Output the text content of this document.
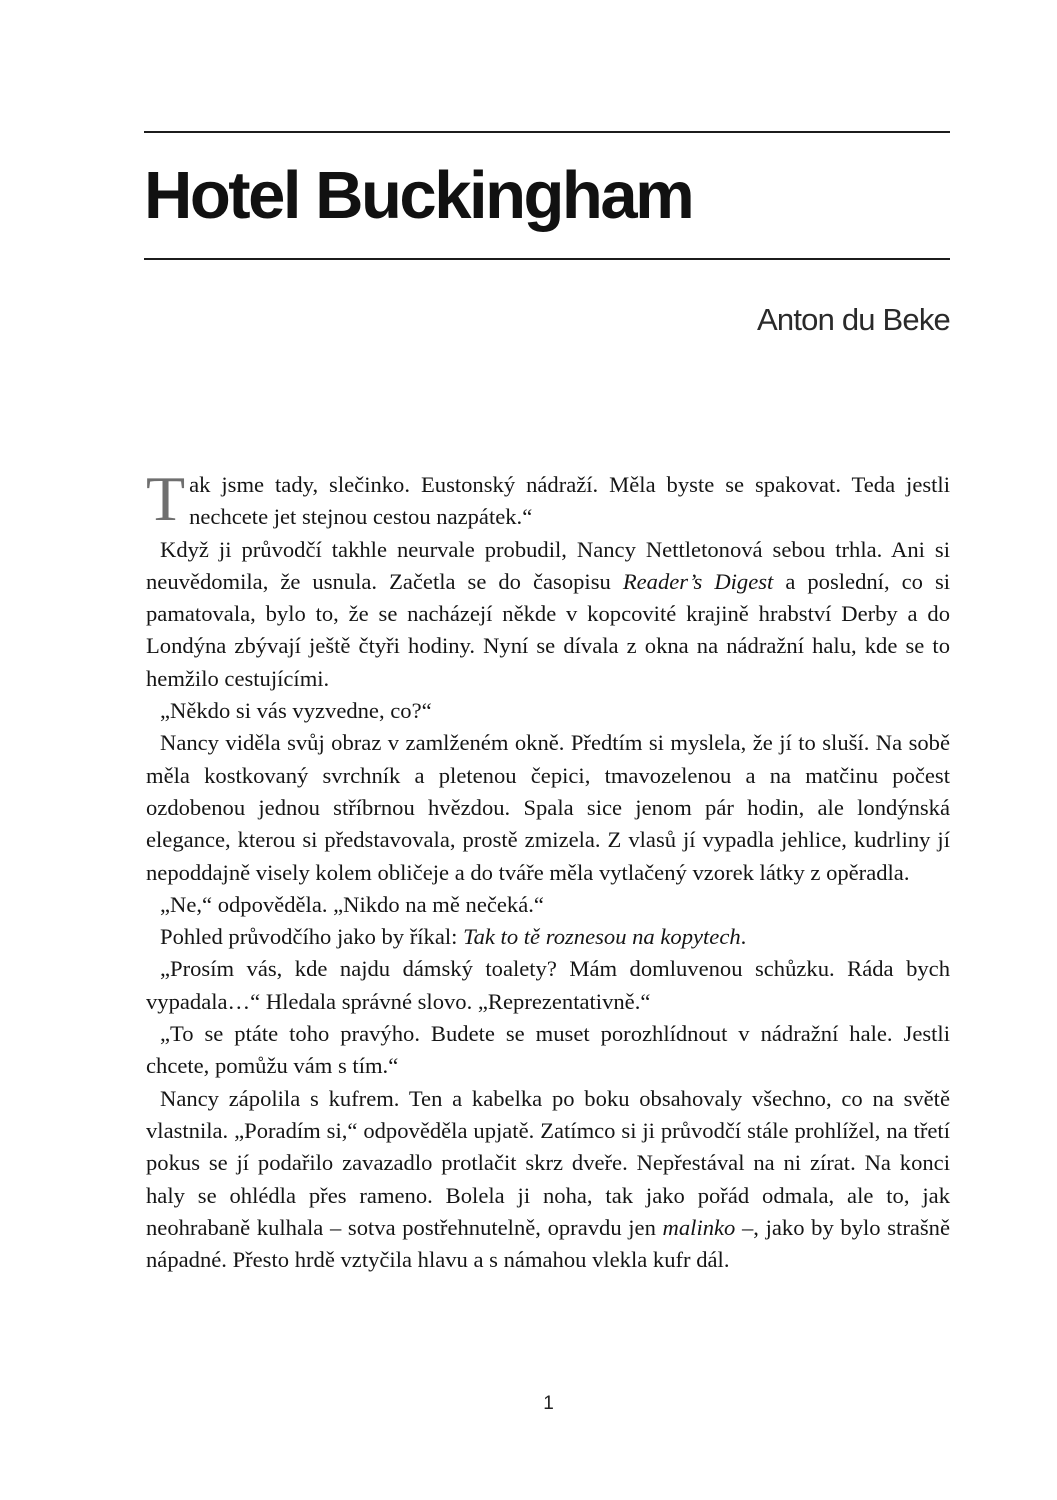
Hotel Buckingham
Anton du Beke

Tak jsme tady, slečinko. Eustonský nádraží. Měla byste se spakovat. Teda jestli nechcete jet stejnou cestou nazpátek.“

Když ji průvodčí takhle neurvale probudil, Nancy Nettletonová sebou trhla. Ani si neuvědomila, že usnula. Začetla se do časopisu Reader’s Digest a poslední, co si pamatovala, bylo to, že se nacházejí někde v kopcovité krajině hrabství Derby a do Londýna zbývají ještě čtyři hodiny. Nyní se dívala z okna na nádražní halu, kde se to hemžilo cestujícími.

„Někdo si vás vyzvedne, co?“

Nancy viděla svůj obraz v zamlženém okně. Předtím si myslela, že jí to sluší. Na sobě měla kostkovaný svrchník a pletenou čepici, tmavozelenou a na matčinu počest ozdobenou jednou stříbrnou hvězdou. Spala sice jenom pár hodin, ale londýnská elegance, kterou si představovala, prostě zmizela. Z vlasů jí vypadla jehlice, kudrliny jí nepoddajně visely kolem obličeje a do tváře měla vytlačený vzorek látky z opěradla.

„Ne,“ odpověděla. „Nikdo na mě nečeká.“

Pohled průvodčího jako by říkal: Tak to tě roznesou na kopytech.

„Prosím vás, kde najdu dámský toalety? Mám domluvenou schůzku. Ráda bych vypadala…“ Hledala správné slovo. „Reprezentativně.“

„To se ptáte toho pravýho. Budete se muset porozhlídnout v nádražní hale. Jestli chcete, pomůžu vám s tím.“

Nancy zápolila s kufrem. Ten a kabelka po boku obsahovaly všechno, co na světě vlastnila. „Poradím si,“ odpověděla upjatě. Zatímco si ji průvodčí stále prohlížel, na třetí pokus se jí podařilo zavazadlo protlačit skrz dveře. Nepřestával na ni zírat. Na konci haly se ohlédla přes rameno. Bolela ji noha, tak jako pořád odmala, ale to, jak neohrabaně kulhala – sotva postřehnutelně, opravdu jen malinko –, jako by bylo strašně nápadné. Přesto hrdě vztyčila hlavu a s námahou vlekla kufr dál.

1
